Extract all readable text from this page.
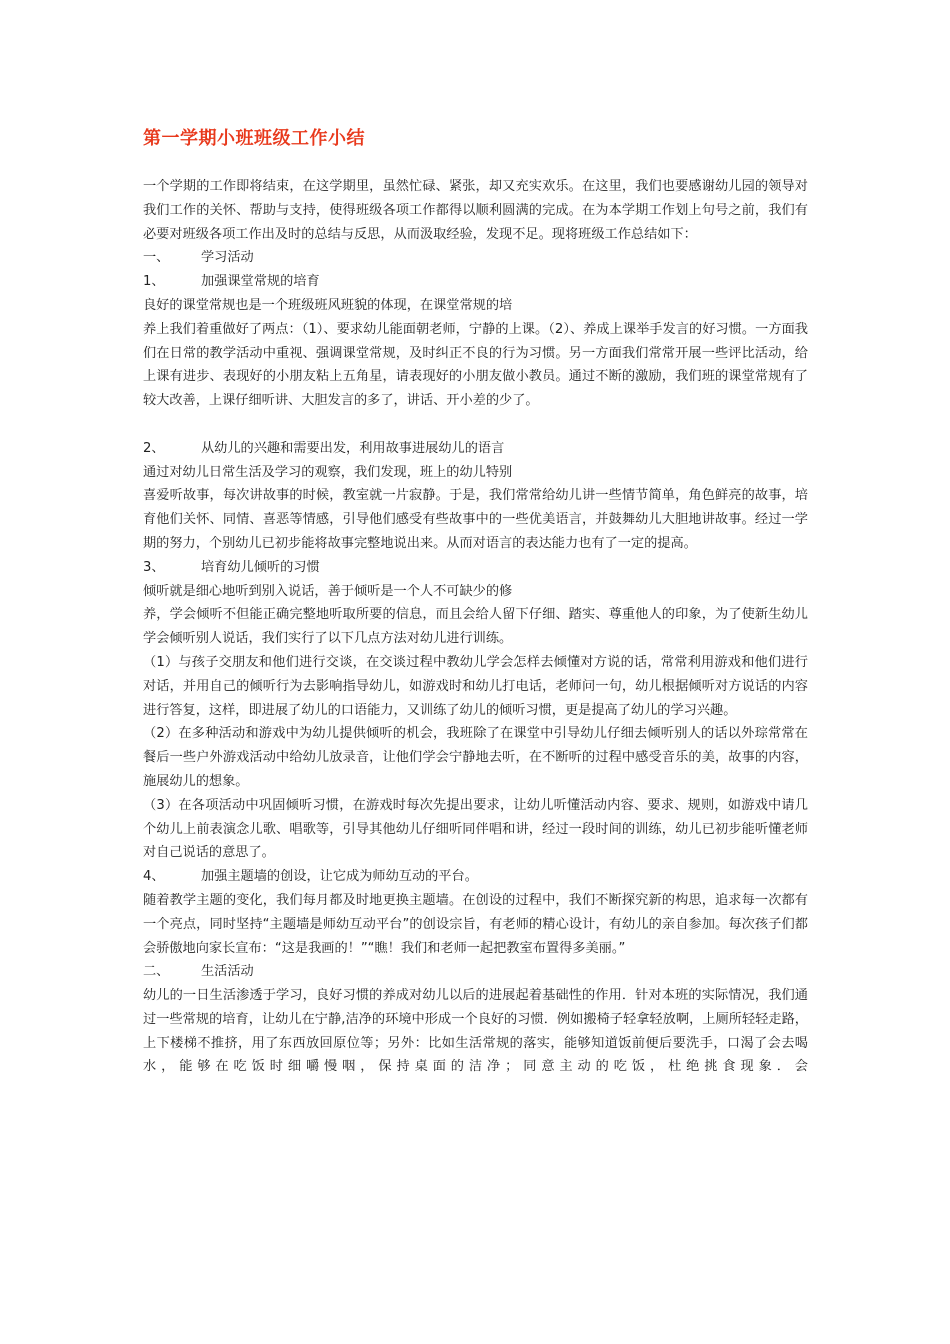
第一学期小班班级工作小结

一个学期的工作即将结束，在这学期里，虽然忙碌、紧张，却又充实欢乐。在这里，我们也要感谢幼儿园的领导对我们工作的关怀、帮助与支持，使得班级各项工作都得以顺利圆满的完成。在为本学期工作划上句号之前，我们有必要对班级各项工作出及时的总结与反思，从而汲取经验，发现不足。现将班级工作总结如下：

一、 学习活动

1、	加强课堂常规的培育

良好的课堂常规也是一个班级班风班貌的体现，在课堂常规的培

养上我们着重做好了两点：（1）、要求幼儿能面朝老师，宁静的上课。（2）、养成上课举手发言的好习惯。一方面我们在日常的教学活动中重视、强调课堂常规，及时纠正不良的行为习惯。另一方面我们常常开展一些评比活动，给上课有进步、表现好的小朋友粘上五角星，请表现好的小朋友做小教员。通过不断的激励，我们班的课堂常规有了较大改善，上课仔细听讲、大胆发言的多了，讲话、开小差的少了。

2、	从幼儿的兴趣和需要出发，利用故事进展幼儿的语言

通过对幼儿日常生活及学习的观察，我们发现，班上的幼儿特别

喜爱听故事，每次讲故事的时候，教室就一片寂静。于是，我们常常给幼儿讲一些情节简单，角色鲜亮的故事，培育他们关怀、同情、喜恶等情感，引导他们感受有些故事中的一些优美语言，并鼓舞幼儿大胆地讲故事。经过一学期的努力，个别幼儿已初步能将故事完整地说出来。从而对语言的表达能力也有了一定的提高。

3、	培育幼儿倾听的习惯

倾听就是细心地听到别入说话，善于倾听是一个人不可缺少的修

养，学会倾听不但能正确完整地听取所要的信息，而且会给人留下仔细、踏实、尊重他人的印象，为了使新生幼儿学会倾听别人说话，我们实行了以下几点方法对幼儿进行训练。

（1）与孩子交朋友和他们进行交谈，在交谈过程中教幼儿学会怎样去倾懂对方说的话，常常利用游戏和他们进行对话，并用自己的倾听行为去影响指导幼儿，如游戏时和幼儿打电话，老师问一句，幼儿根据倾听对方说话的内容进行答复，这样，即进展了幼儿的口语能力，又训练了幼儿的倾听习惯，更是提高了幼儿的学习兴趣。

（2）在多种活动和游戏中为幼儿提供倾听的机会，我班除了在课堂中引导幼儿仔细去倾听别人的话以外琮常常在餐后一些户外游戏活动中给幼儿放录音，让他们学会宁静地去听，在不断听的过程中感受音乐的美，故事的内容，施展幼儿的想象。

（3）在各项活动中巩固倾听习惯，在游戏时每次先提出要求，让幼儿听懂活动内容、要求、规则，如游戏中请几个幼儿上前表演念儿歌、唱歌等，引导其他幼儿仔细听同伴唱和讲，经过一段时间的训练，幼儿已初步能听懂老师对自己说话的意思了。

4、	加强主题墙的创设，让它成为师幼互动的平台。

随着教学主题的变化，我们每月都及时地更换主题墙。在创设的过程中，我们不断探究新的构思，追求每一次都有一个亮点，同时坚持“主题墙是师幼互动平台”的创设宗旨，有老师的精心设计，有幼儿的亲自参加。每次孩子们都会骄傲地向家长宣布：“这是我画的！”“瞧！我们和老师一起把教室布置得多美丽。”

二、 生活活动

幼儿的一日生活渗透于学习，良好习惯的养成对幼儿以后的进展起着基础性的作用．针对本班的实际情况，我们通过一些常规的培育，让幼儿在宁静,洁净的环境中形成一个良好的习惯．例如搬椅子轻拿轻放啊，上厕所轻轻走路，上下楼梯不推挤，用了东西放回原位等；另外：比如生活常规的落实，能够知道饭前便后要洗手，口渴了会去喝水，能够在吃饭时细嚼慢咽，保持桌面的洁净；同意主动的吃饭，杜绝挑食现象．会
